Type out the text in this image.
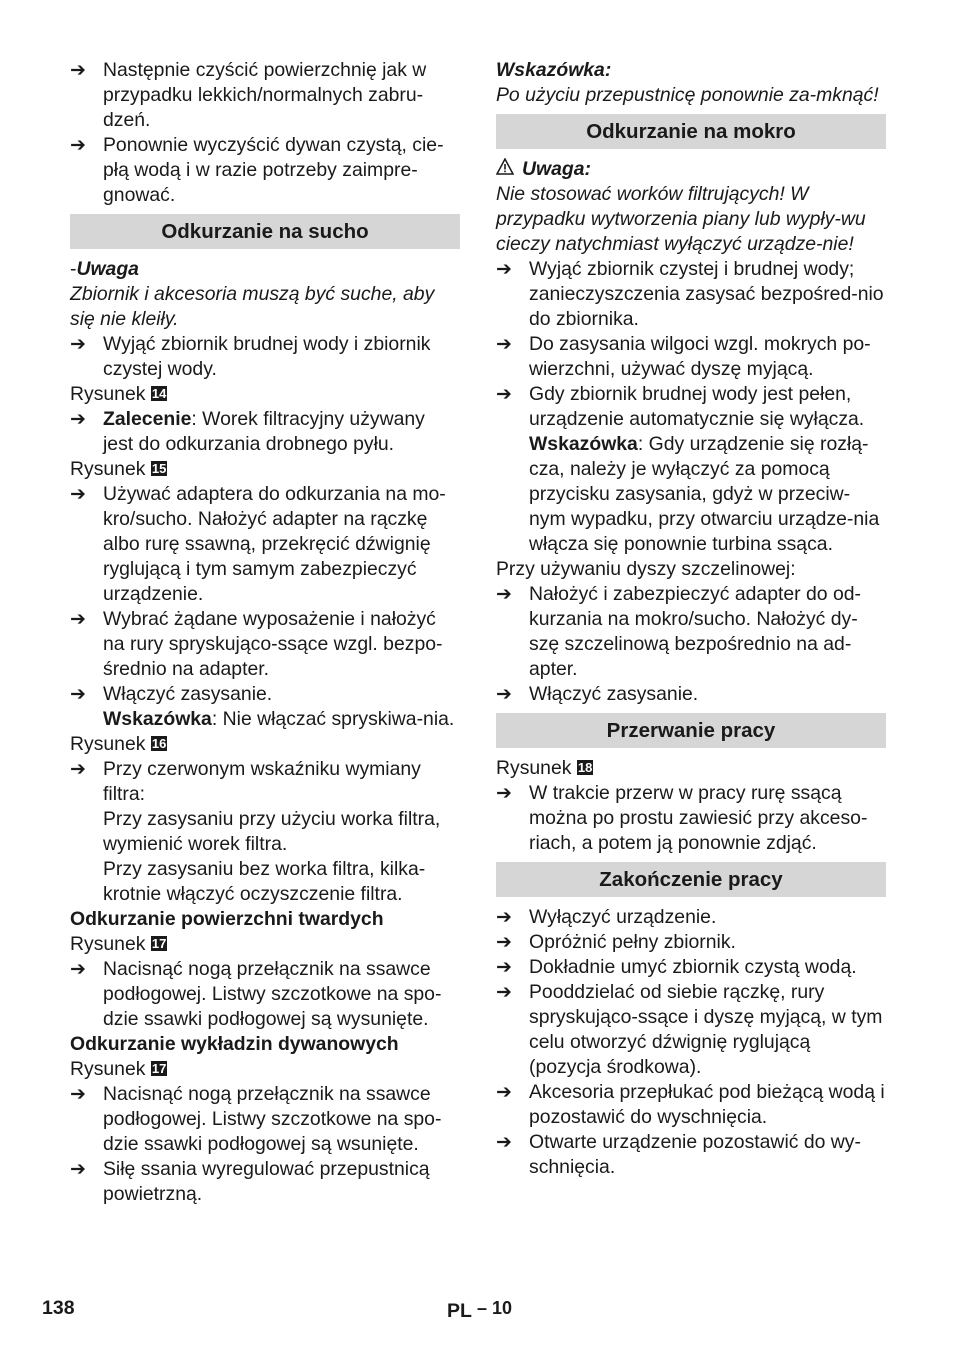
➔ Następnie czyścić powierzchnię jak w przypadku lekkich/normalnych zabru-dzeń.
➔ Ponownie wyczyścić dywan czystą, cie-płą wodą i w razie potrzeby zaimpre-gnować.
Odkurzanie na sucho

-Uwaga

Zbiornik i akcesoria muszą być suche, aby się nie kleiły.

➔ Wyjąć zbiornik brudnej wody i zbiornik czystej wody.

Rysunek 14

➔ Zalecenie: Worek filtracyjny używany jest do odkurzania drobnego pyłu.

Rysunek 15

➔ Używać adaptera do odkurzania na mo-kro/sucho. Nałożyć adapter na rączkę albo rurę ssawną, przekręcić dźwignię ryglującą i tym samym zabezpieczyć urządzenie.
➔ Wybrać żądane wyposażenie i nałożyć na rury spryskująco-ssące wzgl. bezpo-średnio na adapter.
➔ Włączyć zasysanie.

Wskazówka: Nie włączać spryskiwa-nia.

Rysunek 16

➔ Przy czerwonym wskaźniku wymiany filtra:

Przy zasysaniu przy użyciu worka filtra, wymienić worek filtra.

Przy zasysaniu bez worka filtra, kilka-krotnie włączyć oczyszczenie filtra.

Odkurzanie powierzchni twardych

Rysunek 17

➔ Nacisnąć nogą przełącznik na ssawce podłogowej. Listwy szczotkowe na spo-dzie ssawki podłogowej są wysunięte.

Odkurzanie wykładzin dywanowych

Rysunek 17

➔ Nacisnąć nogą przełącznik na ssawce podłogowej. Listwy szczotkowe na spo-dzie ssawki podłogowej są wsunięte.
➔ Siłę ssania wyregulować przepustnicą powietrzną.

Wskazówka:

Po użyciu przepustnicę ponownie za-mknąć!

Odkurzanie na mokro

Uwaga:

Nie stosować worków filtrujących! W przypadku wytworzenia piany lub wypły-wu cieczy natychmiast wyłączyć urządze-nie!

➔ Wyjąć zbiornik czystej i brudnej wody; zanieczyszczenia zasysać bezpośred-nio do zbiornika.
➔ Do zasysania wilgoci wzgl. mokrych po-wierzchni, używać dyszę myjącą.
➔ Gdy zbiornik brudnej wody jest pełen, urządzenie automatycznie się wyłącza.

Wskazówka: Gdy urządzenie się rozłą-cza, należy je wyłączyć za pomocą przycisku zasysania, gdyż w przeciw-nym wypadku, przy otwarciu urządze-nia włącza się ponownie turbina ssąca.

Przy używaniu dyszy szczelinowej:

➔ Nałożyć i zabezpieczyć adapter do od-kurzania na mokro/sucho. Nałożyć dy-szę szczelinową bezpośrednio na ad-apter.
➔ Włączyć zasysanie.
Przerwanie pracy

Rysunek 18

➔ W trakcie przerw w pracy rurę ssącą można po prostu zawiesić przy akceso-riach, a potem ją ponownie zdjąć.
Zakończenie pracy
➔ Wyłączyć urządzenie.
➔ Opróżnić pełny zbiornik.
➔ Dokładnie umyć zbiornik czystą wodą.
➔ Pooddzielać od siebie rączkę, rury spryskująco-ssące i dyszę myjącą, w tym celu otworzyć dźwignię ryglującą (pozycja środkowa).
➔ Akcesoria przepłukać pod bieżącą wodą i pozostawić do wyschnięcia.
➔ Otwarte urządzenie pozostawić do wy-schnięcia.
138	PL – 10
